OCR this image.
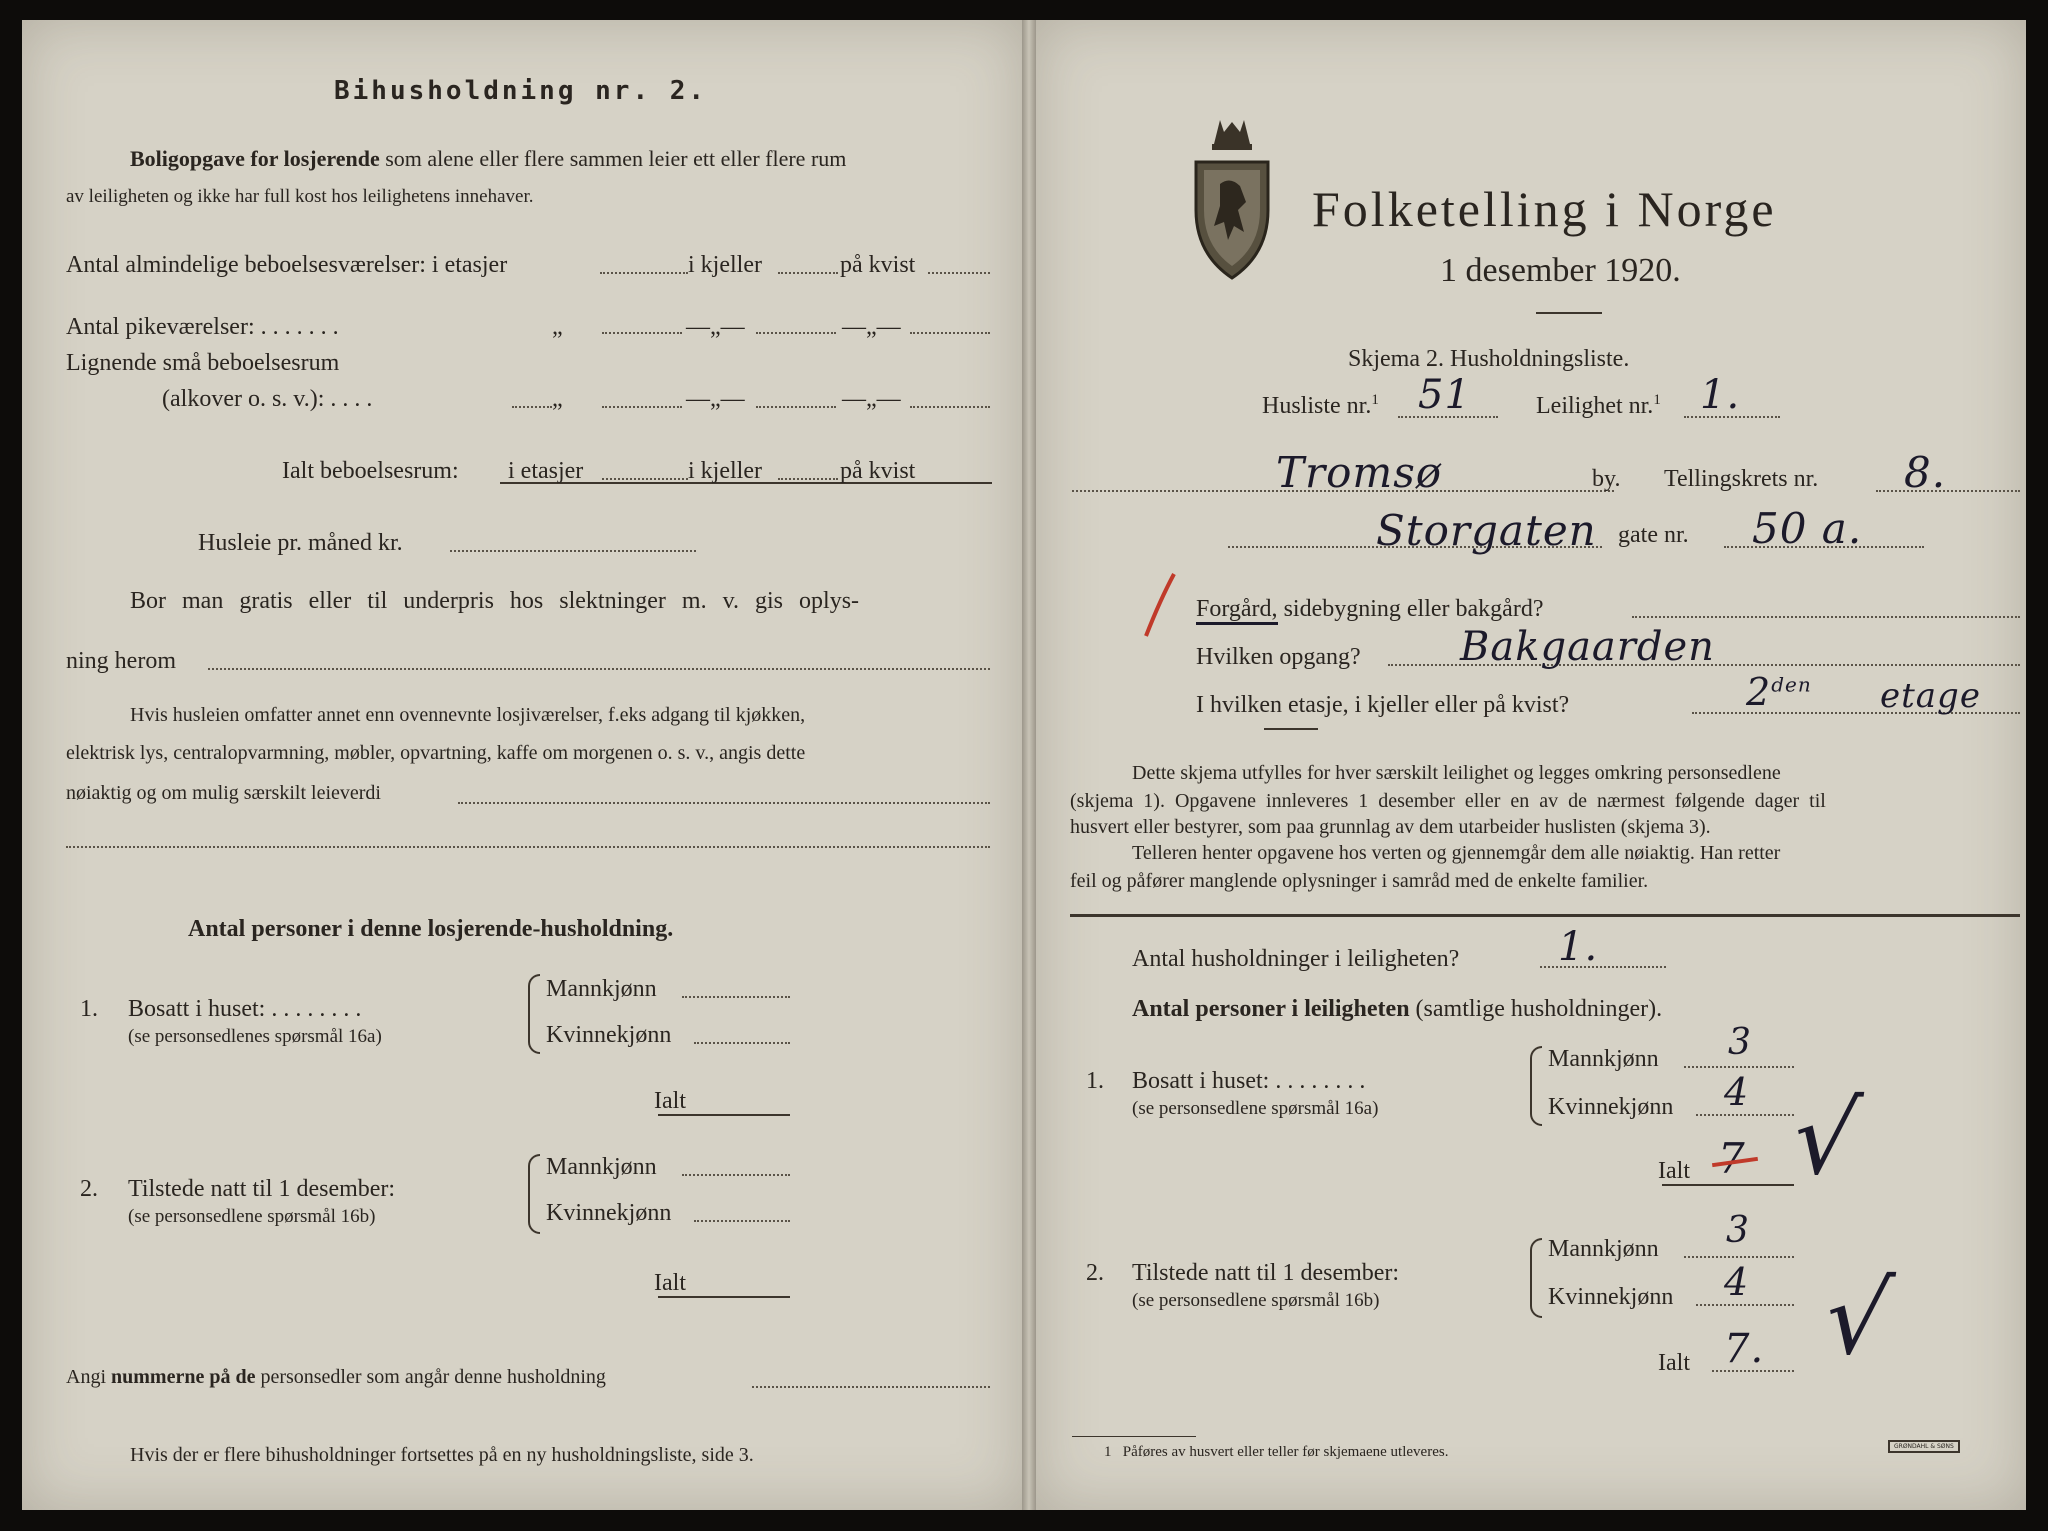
Bihusholdning nr. 2.
Boligopgave for losjerende som alene eller flere sammen leier ett eller flere rum
av leiligheten og ikke har full kost hos leilighetens innehaver.
Antal almindelige beboelsesværelser: i etasjer	i kjeller	på kvist
Antal pikeværelser: . . . . . . .	„	—„—	—„—
Lignende små beboelsesrum
(alkover o. s. v.): . . . .	„	—„—	—„—
Ialt beboelsesrum: i etasjer	i kjeller	på kvist
Husleie pr. måned kr.
Bor man gratis eller til underpris hos slektninger m. v. gis oplys-
ning herom
Hvis husleien omfatter annet enn ovennevnte losjiværelser, f.eks adgang til kjøkken,
elektrisk lys, centralopvarmning, møbler, opvartning, kaffe om morgenen o. s. v., angis dette
nøiaktig og om mulig særskilt leieverdi
Antal personer i denne losjerende-husholdning.
1. Bosatt i huset: . . . . . . . .
(se personsedlenes spørsmål 16a)
Mannkjønn
Kvinnekjønn
Ialt
2. Tilstede natt til 1 desember:
(se personsedlene spørsmål 16b)
Mannkjønn
Kvinnekjønn
Ialt
Angi nummerne på de personsedler som angår denne husholdning
Hvis der er flere bihusholdninger fortsettes på en ny husholdningsliste, side 3.
Folketelling i Norge
1 desember 1920.
Skjema 2. Husholdningsliste.
Husliste nr.$^1$ 51	Leilighet nr.$^1$ 1.
Tromsø	by. Tellingskrets nr. 8.
Storgaten gate nr. 50 a.
Forgård, sidebygning eller bakgård?
Hvilken opgang? Bakgaarden
I hvilken etasje, i kjeller eller på kvist?	$2^{den}$ etage
Dette skjema utfylles for hver særskilt leilighet og legges omkring personsedlene
(skjema 1). Opgavene innleveres 1 desember eller en av de nærmest følgende dager til
husvert eller bestyrer, som paa grunnlag av dem utarbeider huslisten (skjema 3).
Telleren henter opgavene hos verten og gjennemgår dem alle nøiaktig. Han retter
feil og påfører manglende oplysninger i samråd med de enkelte familier.
Antal husholdninger i leiligheten? 1.
Antal personer i leiligheten (samtlige husholdninger).
1. Bosatt i huset: . . . . . . . .
(se personsedlene spørsmål 16a)
Mannkjønn 3
Kvinnekjønn 4
Ialt 7 √
2. Tilstede natt til 1 desember:
(se personsedlene spørsmål 16b)
Mannkjønn 3
Kvinnekjønn 4
Ialt 7. √
1 Påføres av husvert eller teller før skjemaene utleveres.	GRØNDAHL & SØNS
